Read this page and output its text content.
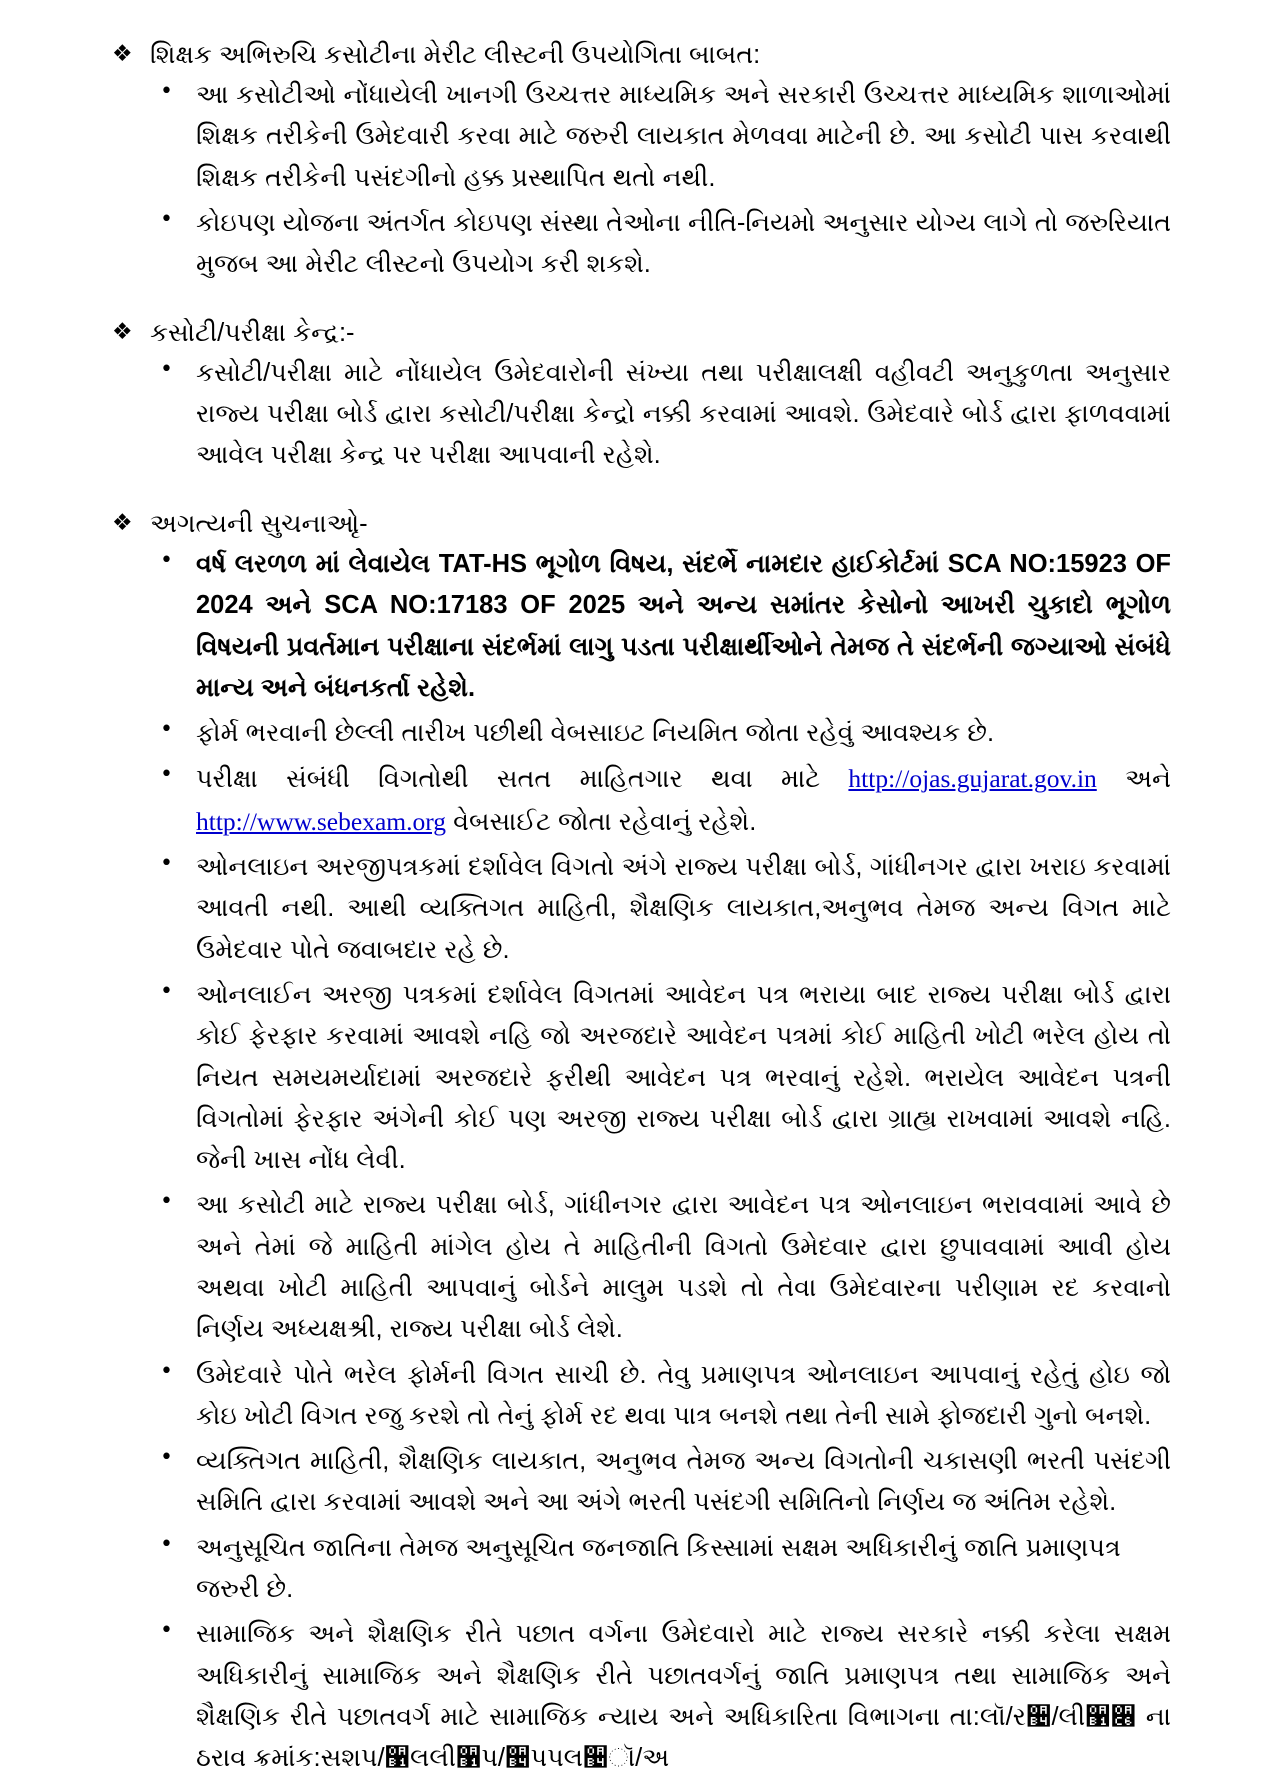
❖ શિક્ષક અભિરુચિ કસોટીના મેરીટ લીસ્ટની ઉપયોગિતા બાબત:
• આ કસોટીઓ નોંધાયેલી ખાનગી ઉચ્ચત્તર માધ્યમિક અને સરકારી ઉચ્ચત્તર માધ્યમિક શાળાઓમાં શિક્ષક તરીકેની ઉમેદવારી કરવા માટે જરુરી લાયકાત મેળવવા માટેની છે. આ કસોટી પાસ કરવાથી શિક્ષક તરીકેની પસંદગીનો હક્ક પ્રસ્થાપિત થતો નથી.
• કોઇપણ યોજના અંતર્ગત કોઇપણ સંસ્થા તેઓના નીતિ-નિયમો અનુસાર યોગ્ય લાગે તો જરુરિયાત મુજબ આ મેરીટ લીસ્ટનો ઉપયોગ કરી શકશે.
❖ કસોટી/પરીક્ષા કેન્દ્ર:-
• કસોટી/પરીક્ષા માટે નોંધાયેલ ઉમેદવારોની સંખ્યા તથા પરીક્ષાલક્ષી વહીવટી અનુકુળતા અનુસાર રાજ્ય પરીક્ષા બોર્ડ દ્વારા કસોટી/પરીક્ષા કેન્દ્રો નક્કી કરવામાં આવશે. ઉમેદવારે બોર્ડ દ્વારા ફાળવવામાં આવેલ પરીક્ષા કેન્દ્ર પર પરીક્ષા આપવાની રહેશે.
❖ અગત્યની સુચનાઓૃ-
• વર્ષ લરળળ માં લેવાયેલ TAT-HS ભૂગોળ વિષય, સંદર્ભે નામદાર હાઈકોર્ટમાં SCA NO:15923 OF 2024 અને SCA NO:17183 OF 2025 અને અન્ય સમાંતર કેસોનો આખરી ચુકાદો ભૂગોળ વિષયની પ્રવર્તમાન પરીક્ષાના સંદર્ભમાં લાગુ પડતા પરીક્ષાર્થીઓને તેમજ તે સંદર્ભની જગ્યાઓ સંબંધે માન્ય અને બંધનકર્તા રહેશે.
• ફોર્મ ભરવાની છેલ્લી તારીખ પછીથી વેબસાઇટ નિયમિત જોતા રહેવું આવશ્યક છે.
• પરીક્ષા સંબંધી વિગતોથી સતત માહિતગાર થવા માટે http://ojas.gujarat.gov.in અને http://www.sebexam.org વેબસાઈટ જોતા રહેવાનું રહેશે.
• ઓનલાઇન અરજીપત્રકમાં દર્શાવેલ વિગતો અંગે રાજ્ય પરીક્ષા બોર્ડ, ગાંધીનગર દ્વારા ખરાઇ કરવામાં આવતી નથી. આથી વ્યક્તિગત માહિતી, શૈક્ષણિક લાયકાત,અનુભવ તેમજ અન્ય વિગત માટે ઉમેદવાર પોતે જવાબદાર રહે છે.
• ઓનલાઈન અરજી પત્રકમાં દર્શાવેલ વિગતમાં આવેદન પત્ર ભરાયા બાદ રાજ્ય પરીક્ષા બોર્ડ દ્વારા કોઈ ફેરફાર કરવામાં આવશે નહિ જો અરજદારે આવેદન પત્રમાં કોઈ માહિતી ખોટી ભરેલ હોય તો નિયત સમયમર્યાદામાં અરજદારે ફરીથી આવેદન પત્ર ભરવાનું રહેશે. ભરાયેલ આવેદન પત્રની વિગતોમાં ફેરફાર અંગેની કોઈ પણ અરજી રાજ્ય પરીક્ષા બોર્ડ દ્વારા ગ્રાહ્ય રાખવામાં આવશે નહિ. જેની ખાસ નોંધ લેવી.
• આ કસોટી માટે રાજ્ય પરીક્ષા બોર્ડ, ગાંધીનગર દ્વારા આવેદન પત્ર ઓનલાઇન ભરાવવામાં આવે છે અને તેમાં જે માહિતી માંગેલ હોય તે માહિતીની વિગતો ઉમેદવાર દ્વારા છુપાવવામાં આવી હોય અથવા ખોટી માહિતી આપવાનું બોર્ડને માલુમ પડશે તો તેવા ઉમેદવારના પરીણામ રદ કરવાનો નિર્ણય અધ્યક્ષશ્રી, રાજ્ય પરીક્ષા બોર્ડ લેશે.
• ઉમેદવારે પોતે ભરેલ ફોર્મની વિગત સાચી છે. તેવુ પ્રમાણપત્ર ઓનલાઇન આપવાનું રહેતું હોઇ જો કોઇ ખોટી વિગત રજુ કરશે તો તેનું ફોર્મ રદ થવા પાત્ર બનશે તથા તેની સામે ફોજદારી ગુનો બનશે.
• વ્યક્તિગત માહિતી, શૈક્ષણિક લાયકાત, અનુભવ તેમજ અન્ય વિગતોની ચકાસણી ભરતી પસંદગી સમિતિ દ્વારા કરવામાં આવશે અને આ અંગે ભરતી પસંદગી સમિતિનો નિર્ણય જ અંતિમ રહેશે.
• અનુસૂચિત જાતિના તેમજ અનુસૂચિત જનજાતિ કિસ્સામાં સક્ષમ અધિકારીનું જાતિ પ્રમાણપત્ર જરુરી છે.
• સામાજિક અને શૈક્ષણિક રીતે પછાત વર્ગના ઉમેદવારો માટે રાજ્ય સરકારે નક્કી કરેલા સક્ષમ અધિકારીનું સામાજિક અને શૈક્ષણિક રીતે પછાતવર્ગનું જાતિ પ્રમાણપત્ર તથા સામાજિક અને શૈક્ષણિક રીતે પછાતવર્ગ માટે સામાજિક ન્યાય અને અધિકારિતા વિભાગના તા:લૉ/ર઴/લી઱૆ ના ઠરાવ ક્રમાંક:સશપ/઱લલી઱પ/઴પપલ઴ૉ/અ
